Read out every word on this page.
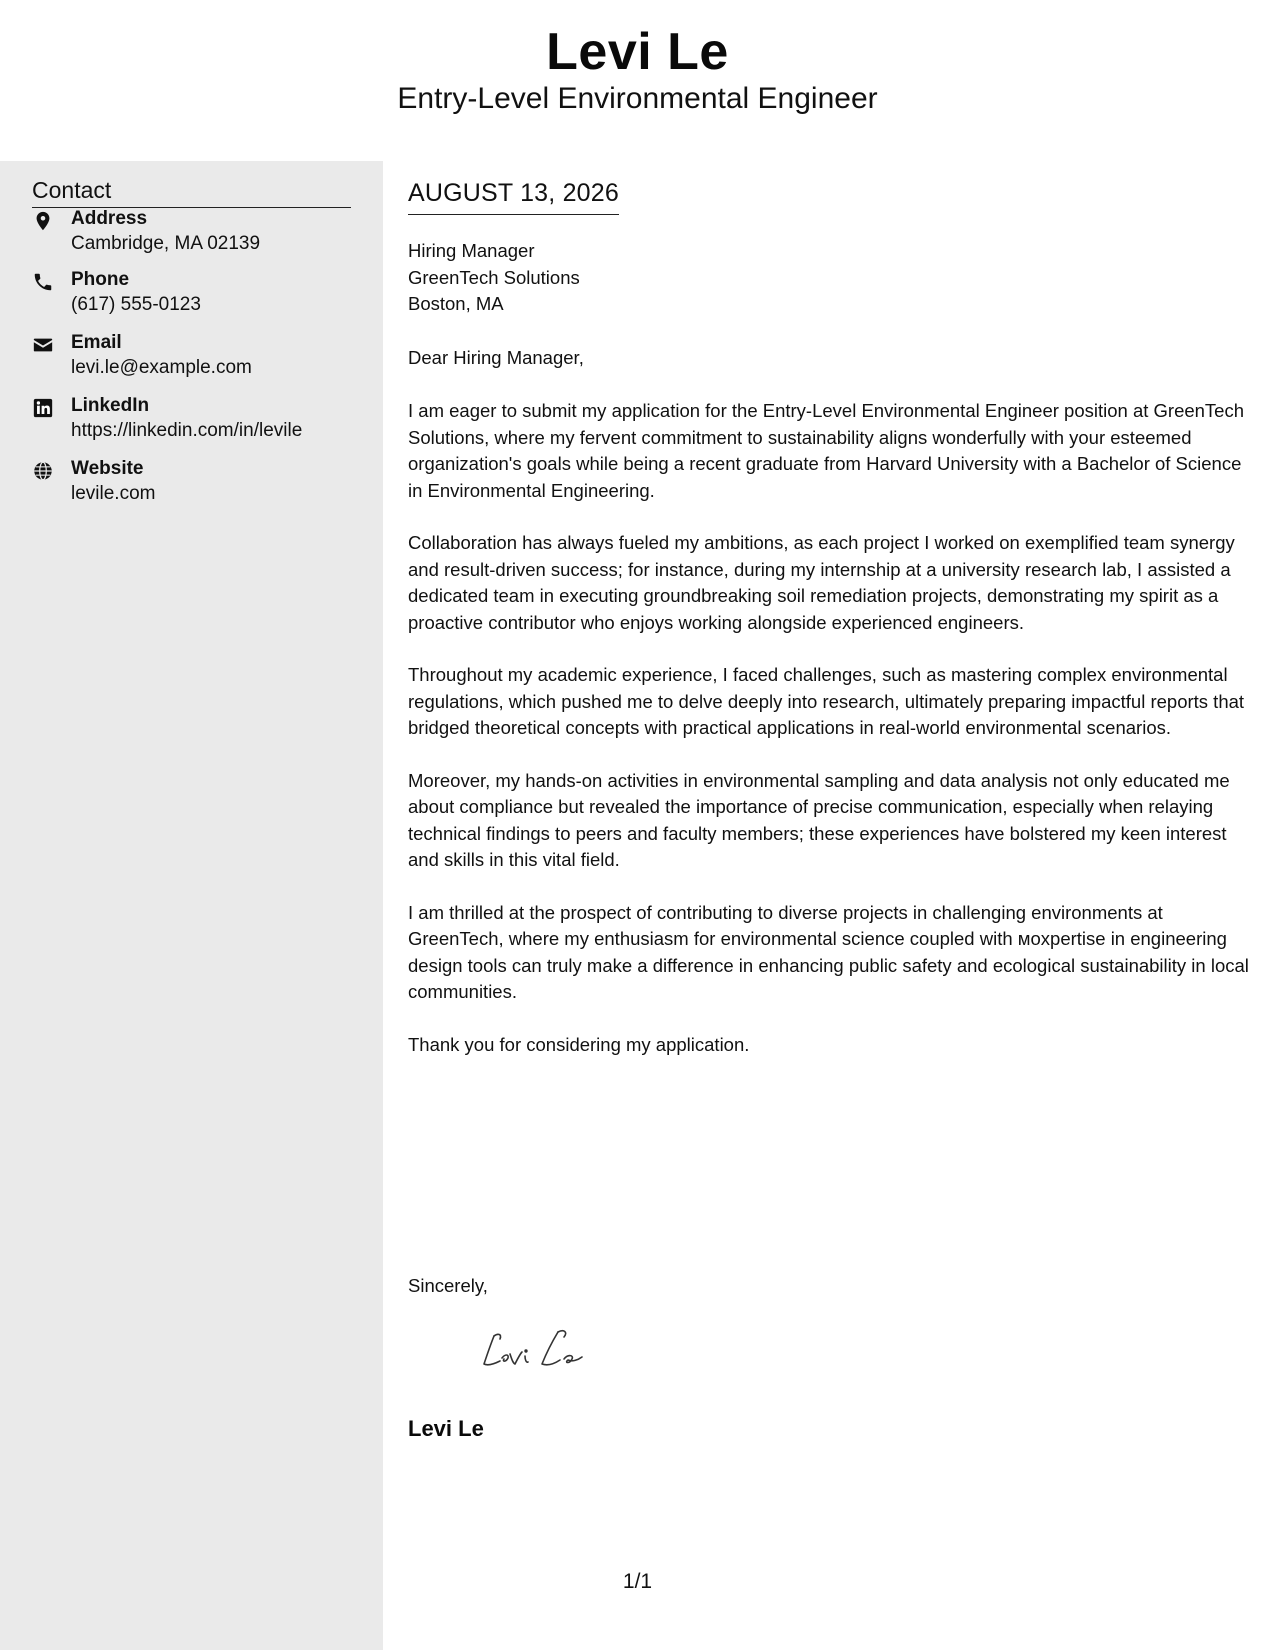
Levi Le
Entry-Level Environmental Engineer
Contact
Address
Cambridge, MA 02139
Phone
(617) 555-0123
Email
levi.le@example.com
LinkedIn
https://linkedin.com/in/levile
Website
levile.com
AUGUST 13, 2026
Hiring Manager
GreenTech Solutions
Boston, MA
Dear Hiring Manager,

I am eager to submit my application for the Entry-Level Environmental Engineer position at GreenTech Solutions, where my fervent commitment to sustainability aligns wonderfully with your esteemed organization's goals while being a recent graduate from Harvard University with a Bachelor of Science in Environmental Engineering.

Collaboration has always fueled my ambitions, as each project I worked on exemplified team synergy and result-driven success; for instance, during my internship at a university research lab, I assisted a dedicated team in executing groundbreaking soil remediation projects, demonstrating my spirit as a proactive contributor who enjoys working alongside experienced engineers.

Throughout my academic experience, I faced challenges, such as mastering complex environmental regulations, which pushed me to delve deeply into research, ultimately preparing impactful reports that bridged theoretical concepts with practical applications in real-world environmental scenarios.

Moreover, my hands-on activities in environmental sampling and data analysis not only educated me about compliance but revealed the importance of precise communication, especially when relaying technical findings to peers and faculty members; these experiences have bolstered my keen interest and skills in this vital field.

I am thrilled at the prospect of contributing to diverse projects in challenging environments at GreenTech, where my enthusiasm for environmental science coupled with мoxpertise in engineering design tools can truly make a difference in enhancing public safety and ecological sustainability in local communities.

Thank you for considering my application.

Sincerely,
Levi Le
1/1
